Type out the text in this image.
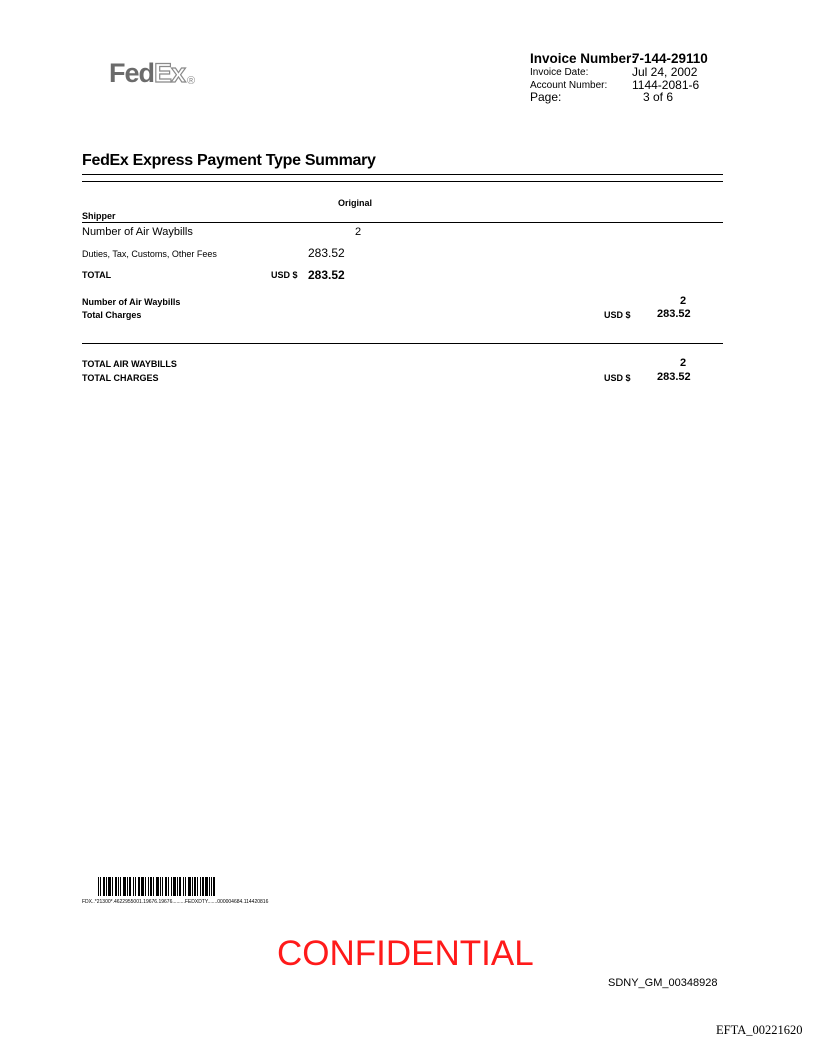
FedEx ®
Invoice Number:
7-144-29110
Invoice Date:	Jul 24, 2002
Account Number: 1144-2081-6
Page:	3 of 6
FedEx Express Payment Type Summary
Original
Shipper
Number of Air Waybills	2
Duties, Tax, Customs, Other Fees	283.52
TOTAL	USD $ 283.52
Number of Air Waybills	2
Total Charges	USD $ 283.52
TOTAL AIR WAYBILLS	2
TOTAL CHARGES	USD $ 283.52
FDX..*21300*.4622955001.19676.19676.........FEDXDTY.......000004684.114420816
CONFIDENTIAL
SDNY_GM_00348928
EFTA_00221620
